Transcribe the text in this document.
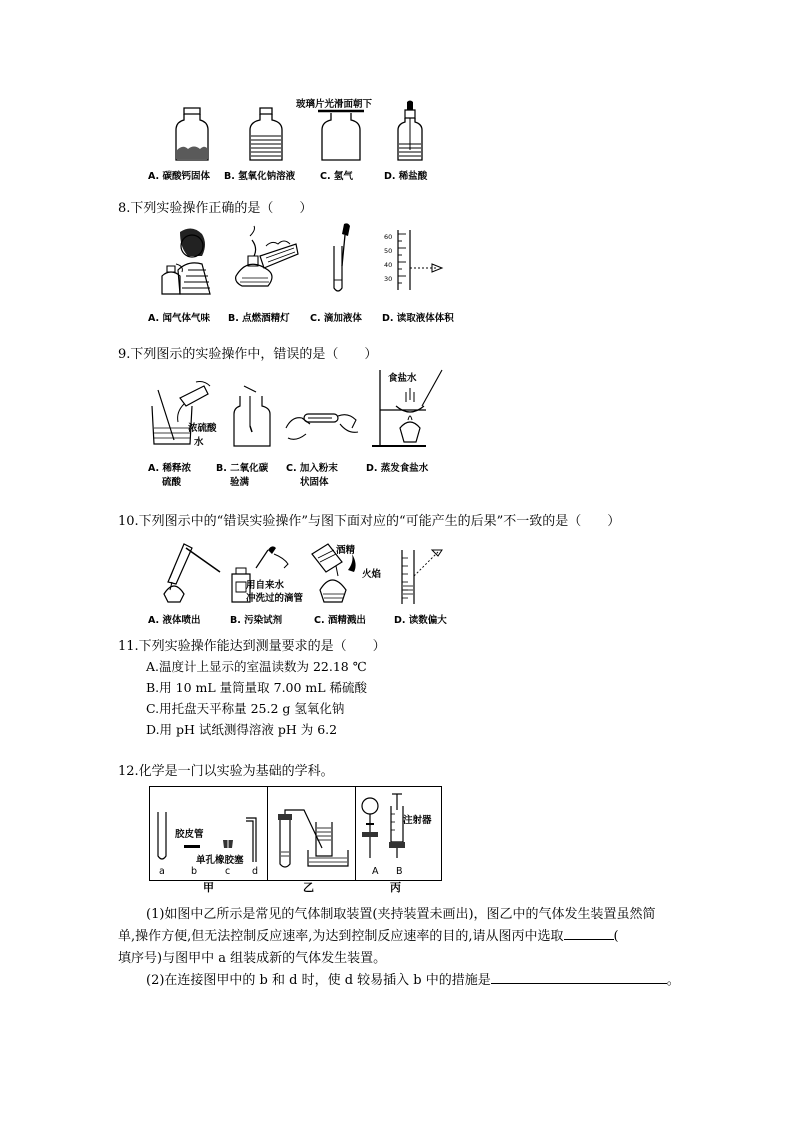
玻璃片光滑面朝下
A. 碳酸钙固体 B. 氢氧化钠溶液	C. 氢气	D. 稀盐酸
8.下列实验操作正确的是（　　）
60
50
40
30
A. 闻气体气味 B. 点燃酒精灯 C. 滴加液体 D. 读取液体体积
9.下列图示的实验操作中，错误的是（　　）
浓硫酸
水
食盐水
A. 稀释浓
硫酸
B. 二氧化碳
验满
C. 加入粉末
状固体
D. 蒸发食盐水
10.下列图示中的“错误实验操作”与图下面对应的“可能产生的后果”不一致的是（　　）
用自来水
冲洗过的滴管
酒精
火焰
A. 液体喷出	B. 污染试剂	C. 酒精溅出	D. 读数偏大
11.下列实验操作能达到测量要求的是（　　）
A.温度计上显示的室温读数为 22.18 ℃
B.用 10 mL 量筒量取 7.00 mL 稀硫酸
C.用托盘天平称量 25.2 g 氢氧化钠
D.用 pH 试纸测得溶液 pH 为 6.2
12.化学是一门以实验为基础的学科。
胶皮管
单孔橡胶塞
a	b	c d
甲	乙
注射器
A B
丙
(1)如图中乙所示是常见的气体制取装置(夹持装置未画出)，图乙中的气体发生装置虽然简
单,操作方便,但无法控制反应速率,为达到控制反应速率的目的,请从图丙中选取	(
填序号)与图甲中 a 组装成新的气体发生装置。
(2)在连接图甲中的 b 和 d 时，使 d 较易插入 b 中的措施是	。
